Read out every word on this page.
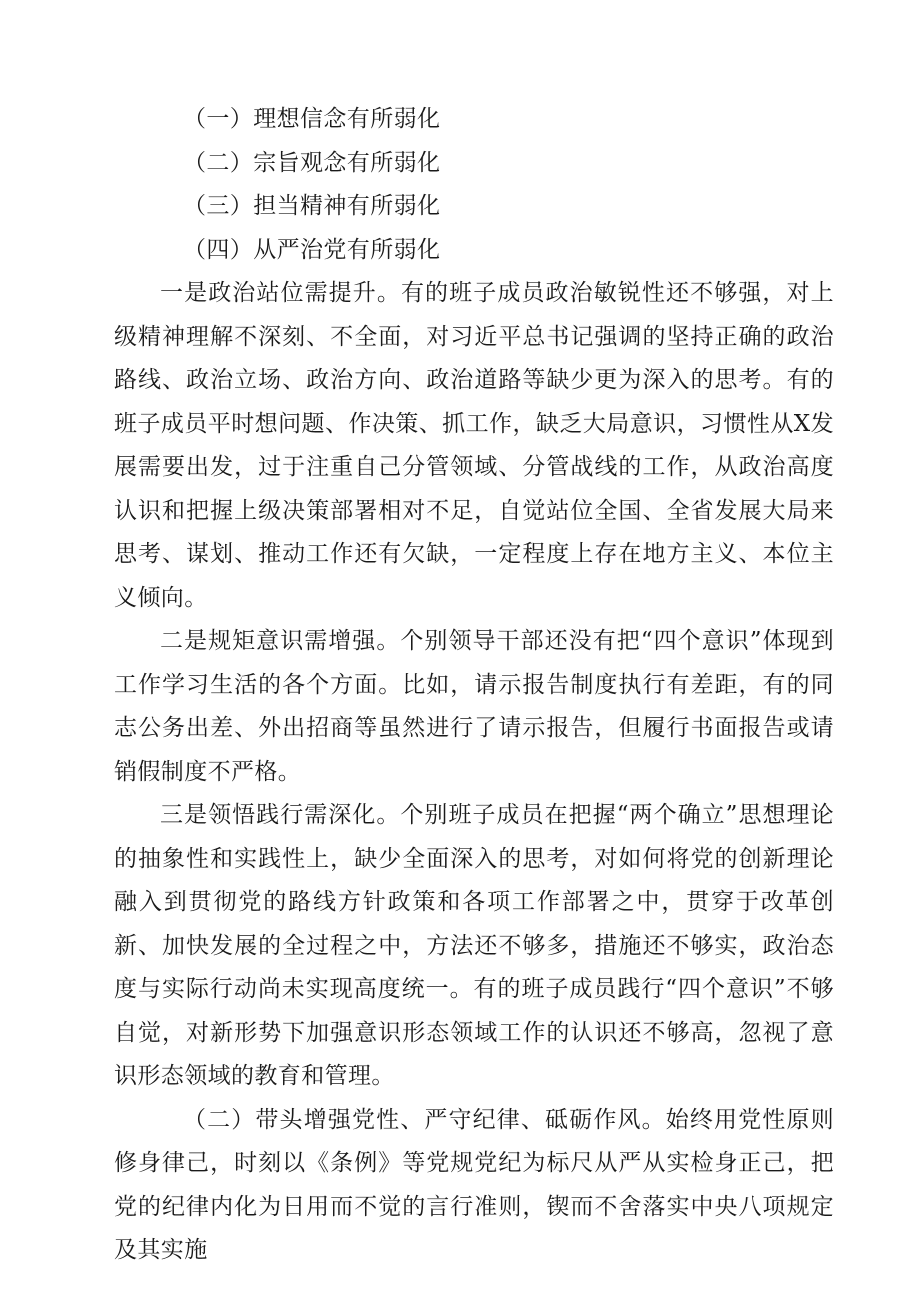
（一）理想信念有所弱化

（二）宗旨观念有所弱化

（三）担当精神有所弱化

（四）从严治党有所弱化

一是政治站位需提升。有的班子成员政治敏锐性还不够强，对上级精神理解不深刻、不全面，对习近平总书记强调的坚持正确的政治路线、政治立场、政治方向、政治道路等缺少更为深入的思考。有的班子成员平时想问题、作决策、抓工作，缺乏大局意识，习惯性从X发展需要出发，过于注重自己分管领域、分管战线的工作，从政治高度认识和把握上级决策部署相对不足，自觉站位全国、全省发展大局来思考、谋划、推动工作还有欠缺，一定程度上存在地方主义、本位主义倾向。

二是规矩意识需增强。个别领导干部还没有把“四个意识”体现到工作学习生活的各个方面。比如，请示报告制度执行有差距，有的同志公务出差、外出招商等虽然进行了请示报告，但履行书面报告或请销假制度不严格。

三是领悟践行需深化。个别班子成员在把握“两个确立”思想理论的抽象性和实践性上，缺少全面深入的思考，对如何将党的创新理论融入到贯彻党的路线方针政策和各项工作部署之中，贯穿于改革创新、加快发展的全过程之中，方法还不够多，措施还不够实，政治态度与实际行动尚未实现高度统一。有的班子成员践行“四个意识”不够自觉，对新形势下加强意识形态领域工作的认识还不够高，忽视了意识形态领域的教育和管理。

（二）带头增强党性、严守纪律、砥砺作风。始终用党性原则修身律己，时刻以《条例》等党规党纪为标尺从严从实检身正己，把党的纪律内化为日用而不觉的言行准则，锲而不舍落实中央八项规定及其实施
